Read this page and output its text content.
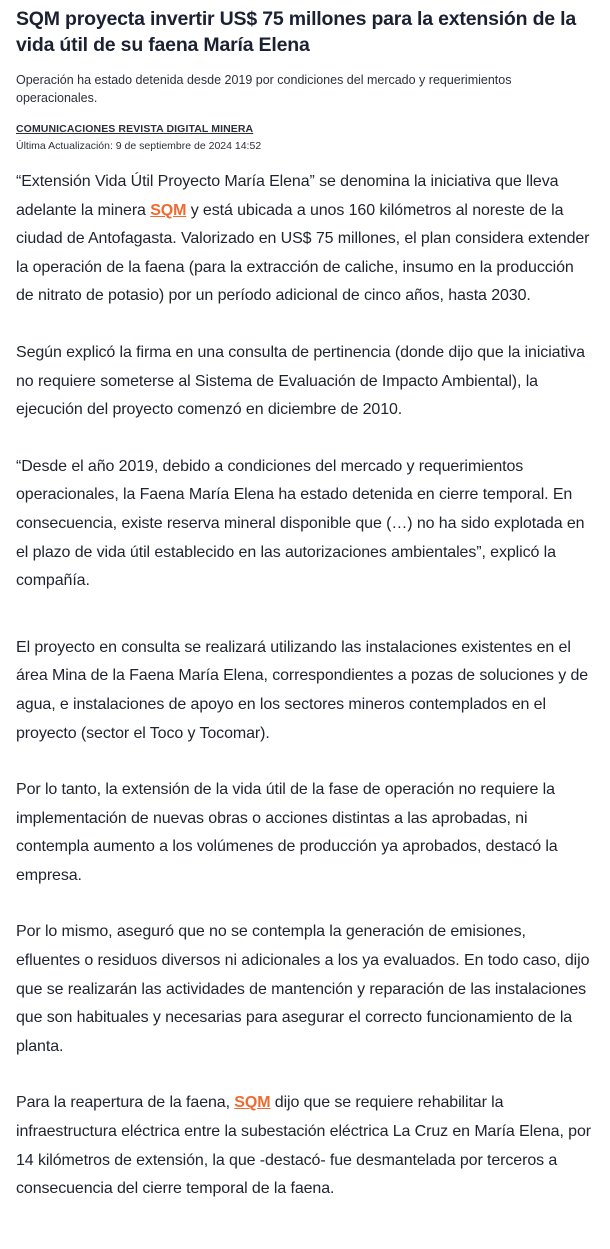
SQM proyecta invertir US$ 75 millones para la extensión de la vida útil de su faena María Elena

Operación ha estado detenida desde 2019 por condiciones del mercado y requerimientos operacionales.

COMUNICACIONES REVISTA DIGITAL MINERA
Última Actualización: 9 de septiembre de 2024 14:52

“Extensión Vida Útil Proyecto María Elena” se denomina la iniciativa que lleva adelante la minera SQM y está ubicada a unos 160 kilómetros al noreste de la ciudad de Antofagasta. Valorizado en US$ 75 millones, el plan considera extender la operación de la faena (para la extracción de caliche, insumo en la producción de nitrato de potasio) por un período adicional de cinco años, hasta 2030.

Según explicó la firma en una consulta de pertinencia (donde dijo que la iniciativa no requiere someterse al Sistema de Evaluación de Impacto Ambiental), la ejecución del proyecto comenzó en diciembre de 2010.

“Desde el año 2019, debido a condiciones del mercado y requerimientos operacionales, la Faena María Elena ha estado detenida en cierre temporal. En consecuencia, existe reserva mineral disponible que (…) no ha sido explotada en el plazo de vida útil establecido en las autorizaciones ambientales”, explicó la compañía.

El proyecto en consulta se realizará utilizando las instalaciones existentes en el área Mina de la Faena María Elena, correspondientes a pozas de soluciones y de agua, e instalaciones de apoyo en los sectores mineros contemplados en el proyecto (sector el Toco y Tocomar).

Por lo tanto, la extensión de la vida útil de la fase de operación no requiere la implementación de nuevas obras o acciones distintas a las aprobadas, ni contempla aumento a los volúmenes de producción ya aprobados, destacó la empresa.

Por lo mismo, aseguró que no se contempla la generación de emisiones, efluentes o residuos diversos ni adicionales a los ya evaluados. En todo caso, dijo que se realizarán las actividades de mantención y reparación de las instalaciones que son habituales y necesarias para asegurar el correcto funcionamiento de la planta.

Para la reapertura de la faena, SQM dijo que se requiere rehabilitar la infraestructura eléctrica entre la subestación eléctrica La Cruz en María Elena, por 14 kilómetros de extensión, la que -destacó- fue desmantelada por terceros a consecuencia del cierre temporal de la faena.
